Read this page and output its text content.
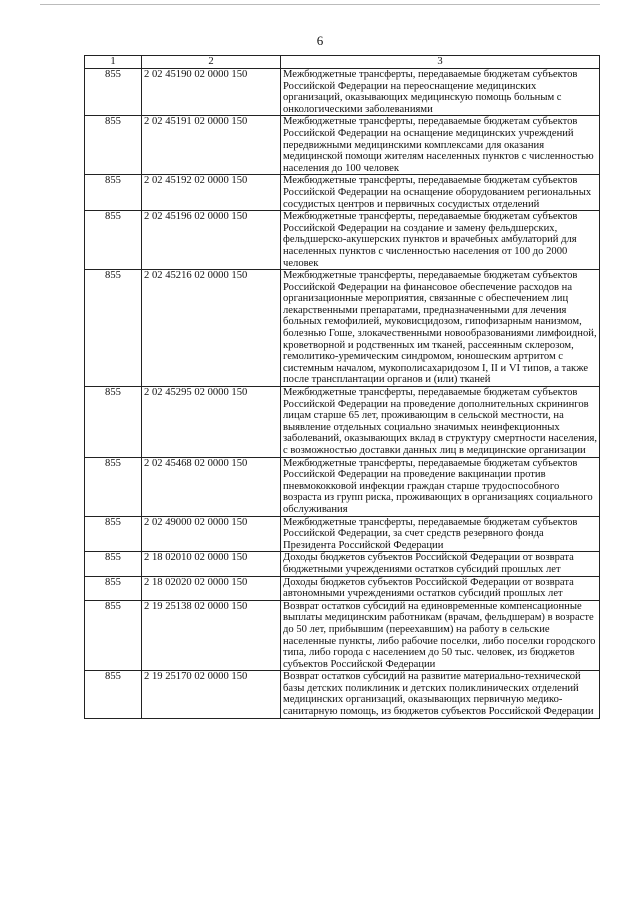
6
1	2	3
855	2 02 45190 02 0000 150	Межбюджетные трансферты, передаваемые бюджетам субъектов Российской Федерации на переоснащение медицинских организаций, оказывающих медицинскую помощь больным с онкологическими заболеваниями
855	2 02 45191 02 0000 150	Межбюджетные трансферты, передаваемые бюджетам субъектов Российской Федерации на оснащение медицинских учреждений передвижными медицинскими комплексами для оказания медицинской помощи жителям населенных пунктов с численностью населения до 100 человек
855	2 02 45192 02 0000 150	Межбюджетные трансферты, передаваемые бюджетам субъектов Российской Федерации на оснащение оборудованием региональных сосудистых центров и первичных сосудистых отделений
855	2 02 45196 02 0000 150	Межбюджетные трансферты, передаваемые бюджетам субъектов Российской Федерации на создание и замену фельдшерских, фельдшерско-акушерских пунктов и врачебных амбулаторий для населенных пунктов с численностью населения от 100 до 2000 человек
855	2 02 45216 02 0000 150	Межбюджетные трансферты, передаваемые бюджетам субъектов Российской Федерации на финансовое обеспечение расходов на организационные мероприятия, связанные с обеспечением лиц лекарственными препаратами, предназначенными для лечения больных гемофилией, муковисцидозом, гипофизарным нанизмом, болезнью Гоше, злокачественными новообразованиями лимфоидной, кроветворной и родственных им тканей, рассеянным склерозом, гемолитико-уремическим синдромом, юношеским артритом с системным началом, мукополисахаридозом I, II и VI типов, а также после трансплантации органов и (или) тканей
855	2 02 45295 02 0000 150	Межбюджетные трансферты, передаваемые бюджетам субъектов Российской Федерации на проведение дополнительных скринингов лицам старше 65 лет, проживающим в сельской местности, на выявление отдельных социально значимых неинфекционных заболеваний, оказывающих вклад в структуру смертности населения, с возможностью доставки данных лиц в медицинские организации
855	2 02 45468 02 0000 150	Межбюджетные трансферты, передаваемые бюджетам субъектов Российской Федерации на проведение вакцинации против пневмококковой инфекции граждан старше трудоспособного возраста из групп риска, проживающих в организациях социального обслуживания
855	2 02 49000 02 0000 150	Межбюджетные трансферты, передаваемые бюджетам субъектов Российской Федерации, за счет средств резервного фонда Президента Российской Федерации
855	2 18 02010 02 0000 150	Доходы бюджетов субъектов Российской Федерации от возврата бюджетными учреждениями остатков субсидий прошлых лет
855	2 18 02020 02 0000 150	Доходы бюджетов субъектов Российской Федерации от возврата автономными учреждениями остатков субсидий прошлых лет
855	2 19 25138 02 0000 150	Возврат остатков субсидий на единовременные компенсационные выплаты медицинским работникам (врачам, фельдшерам) в возрасте до 50 лет, прибывшим (переехавшим) на работу в сельские населенные пункты, либо рабочие поселки, либо поселки городского типа, либо города с населением до 50 тыс. человек, из бюджетов субъектов Российской Федерации
855	2 19 25170 02 0000 150	Возврат остатков субсидий на развитие материально-технической базы детских поликлиник и детских поликлинических отделений медицинских организаций, оказывающих первичную медико-санитарную помощь, из бюджетов субъектов Российской Федерации
